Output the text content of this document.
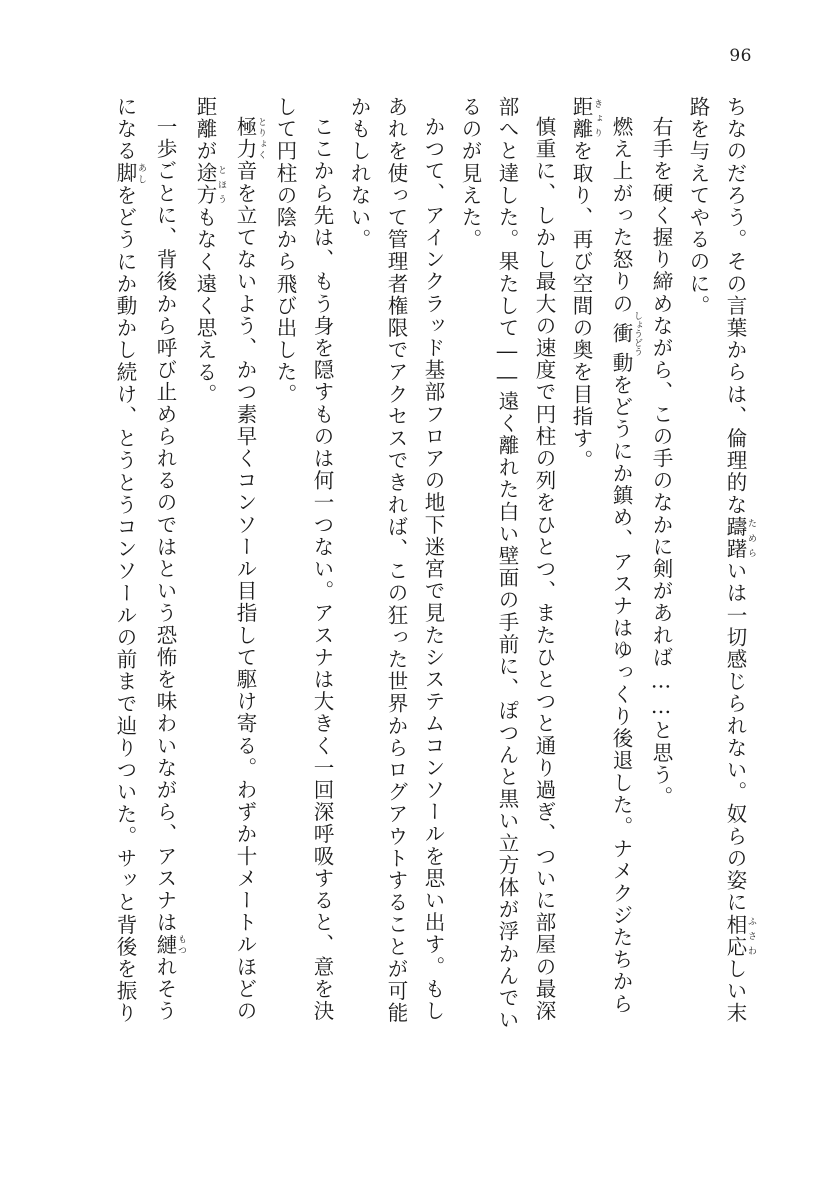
96
ちなのだろう。その言葉からは、倫理的な躊躇 ためらいは一切感じられない。奴らの姿に相応 ふさわしい末
路を与えてやるのに。
右手を硬く握り締めながら、この手のなかに剣があれば……と思う。
燃え上がった怒りの衝 しょうどう動をどうにか鎮め、アスナはゆっくり後退した。ナメクジたちから
距離 きょりを取り、再び空間の奥を目指す。
慎重に、しかし最大の速度で円柱の列をひとつ、またひとつと通り過ぎ、ついに部屋の最深
部へと達した。果たして――遠く離れた白い壁面の手前に、ぽつんと黒い立方体が浮かんでい
るのが見えた。
かつて、アインクラッド基部フロアの地下迷宮で見たシステムコンソールを思い出す。もし
あれを使って管理者権限でアクセスできれば、この狂った世界からログアウトすることが可能
かもしれない。
ここから先は、もう身を隠すものは何一つない。アスナは大きく一回深呼吸すると、意を決
して円柱の陰から飛び出した。
極力 とりょく音を立てないよう、かつ素早くコンソール目指して駆け寄る。わずか十メートルほどの
距離が途方 とほうもなく遠く思える。
一歩ごとに、背後から呼び止められるのではという恐怖を味わいながら、アスナは縺 もつれそう
になる脚 あしをどうにか動かし続け、とうとうコンソールの前まで辿りついた。サッと背後を振り
